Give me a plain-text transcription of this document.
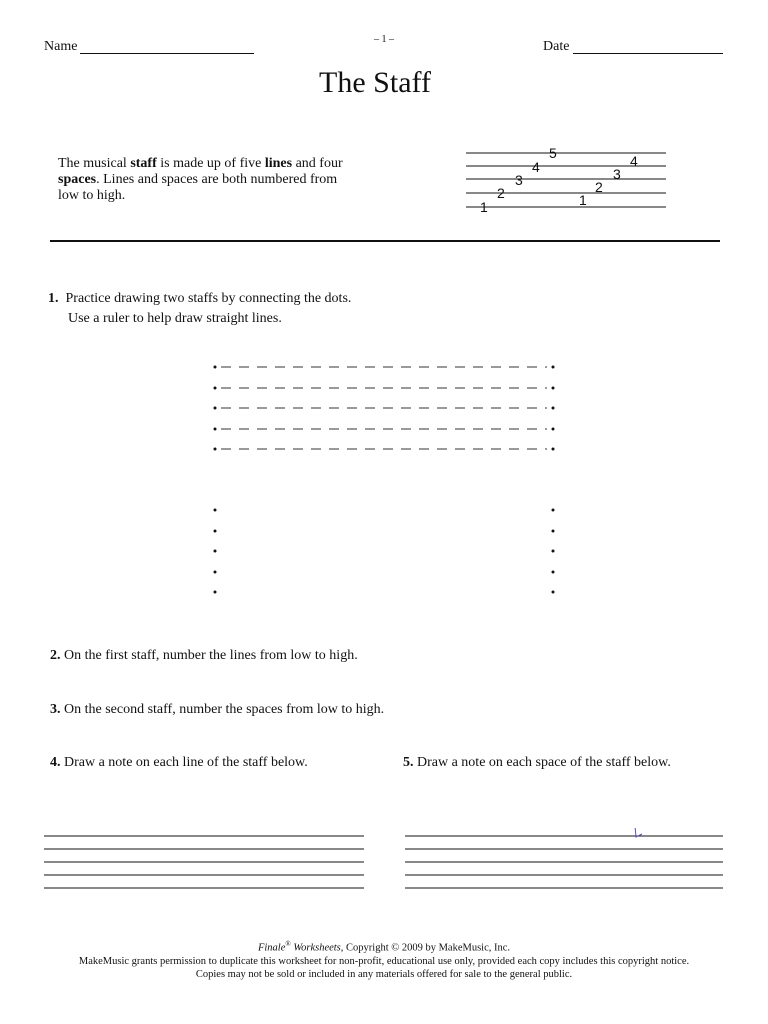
– 1 –
Name	Date
The Staff
The musical staff is made up of five lines and four spaces. Lines and spaces are both numbered from low to high.
1
2
3
4
5
1
2
3
4
1. Practice drawing two staffs by connecting the dots.
Use a ruler to help draw straight lines.
2. On the first staff, number the lines from low to high.
3. On the second staff, number the spaces from low to high.
4. Draw a note on each line of the staff below.	5. Draw a note on each space of the staff below.
Finale® Worksheets, Copyright © 2009 by MakeMusic, Inc.
MakeMusic grants permission to duplicate this worksheet for non-profit, educational use only, provided each copy includes this copyright notice.
Copies may not be sold or included in any materials offered for sale to the general public.
